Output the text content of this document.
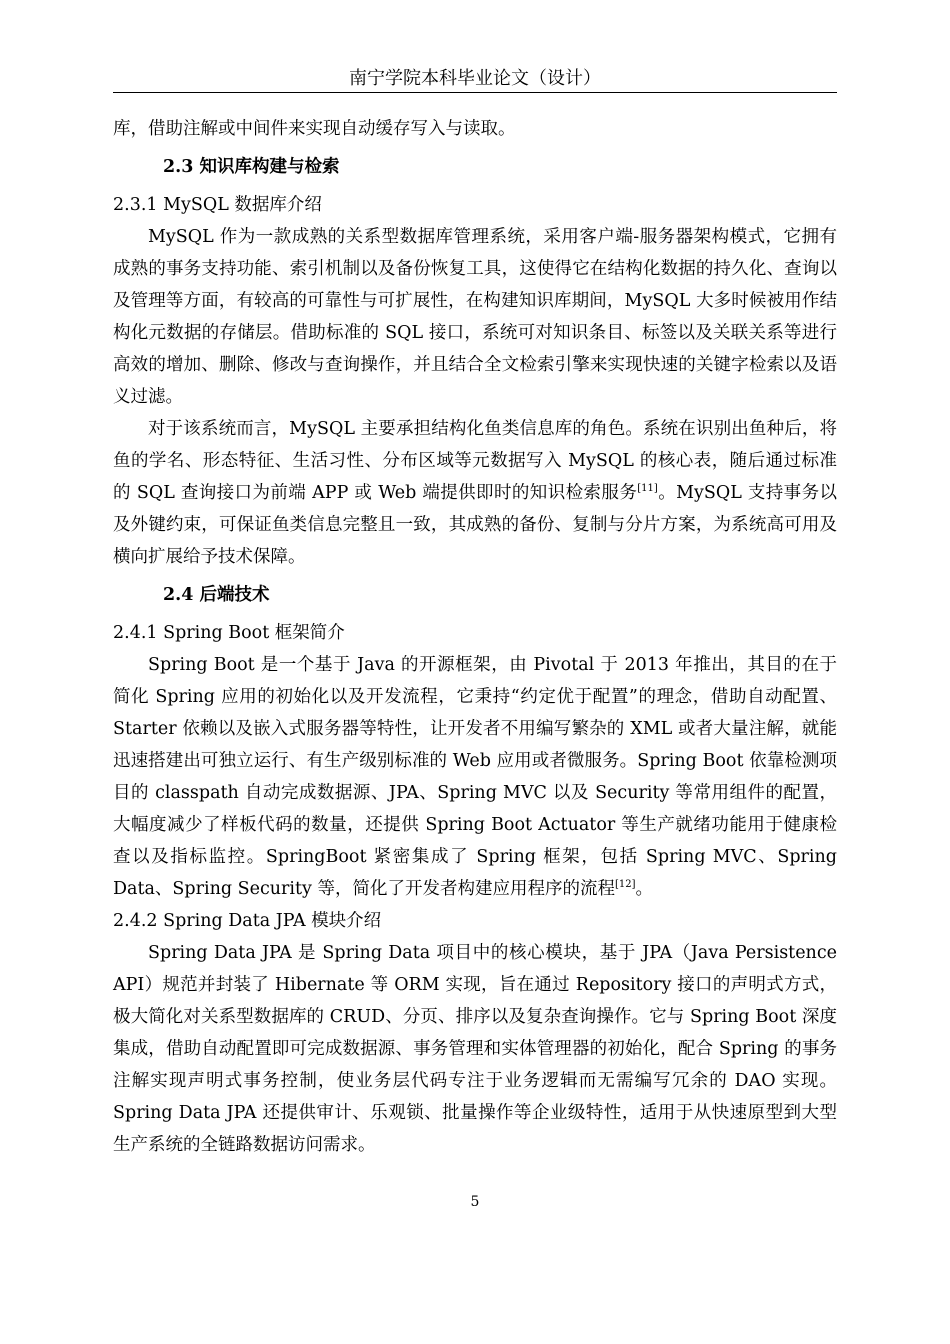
南宁学院本科毕业论文（设计）

库，借助注解或中间件来实现自动缓存写入与读取。

2.3 知识库构建与检索
2.3.1 MySQL 数据库介绍

MySQL 作为一款成熟的关系型数据库管理系统，采用客户端-服务器架构模式，它拥有成熟的事务支持功能、索引机制以及备份恢复工具，这使得它在结构化数据的持久化、查询以及管理等方面，有较高的可靠性与可扩展性，在构建知识库期间，MySQL 大多时候被用作结构化元数据的存储层。借助标准的 SQL 接口，系统可对知识条目、标签以及关联关系等进行高效的增加、删除、修改与查询操作，并且结合全文检索引擎来实现快速的关键字检索以及语义过滤。

对于该系统而言，MySQL 主要承担结构化鱼类信息库的角色。系统在识别出鱼种后，将鱼的学名、形态特征、生活习性、分布区域等元数据写入 MySQL 的核心表，随后通过标准的 SQL 查询接口为前端 APP 或 Web 端提供即时的知识检索服务[11]。MySQL 支持事务以及外键约束，可保证鱼类信息完整且一致，其成熟的备份、复制与分片方案，为系统高可用及横向扩展给予技术保障。

2.4 后端技术
2.4.1 Spring Boot 框架简介

Spring Boot 是一个基于 Java 的开源框架，由 Pivotal 于 2013 年推出，其目的在于简化 Spring 应用的初始化以及开发流程，它秉持“约定优于配置”的理念，借助自动配置、Starter 依赖以及嵌入式服务器等特性，让开发者不用编写繁杂的 XML 或者大量注解，就能迅速搭建出可独立运行、有生产级别标准的 Web 应用或者微服务。Spring Boot 依靠检测项目的 classpath 自动完成数据源、JPA、Spring MVC 以及 Security 等常用组件的配置，大幅度减少了样板代码的数量，还提供 Spring Boot Actuator 等生产就绪功能用于健康检查以及指标监控。SpringBoot 紧密集成了 Spring 框架，包括 Spring MVC、Spring Data、Spring Security 等，简化了开发者构建应用程序的流程[12]。

2.4.2 Spring Data JPA 模块介绍

Spring Data JPA 是 Spring Data 项目中的核心模块，基于 JPA（Java Persistence API）规范并封装了 Hibernate 等 ORM 实现，旨在通过 Repository 接口的声明式方式，极大简化对关系型数据库的 CRUD、分页、排序以及复杂查询操作。它与 Spring Boot 深度集成，借助自动配置即可完成数据源、事务管理和实体管理器的初始化，配合 Spring 的事务注解实现声明式事务控制，使业务层代码专注于业务逻辑而无需编写冗余的 DAO 实现。Spring Data JPA 还提供审计、乐观锁、批量操作等企业级特性，适用于从快速原型到大型生产系统的全链路数据访问需求。

5
